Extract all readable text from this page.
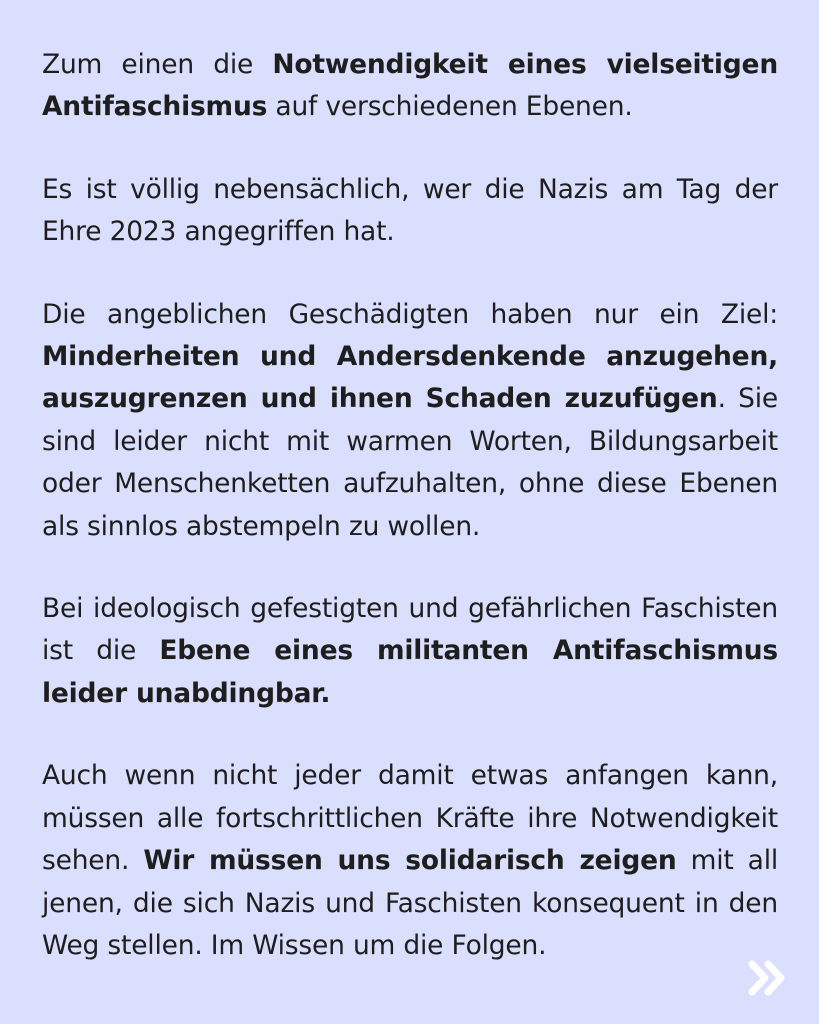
Zum einen die Notwendigkeit eines vielseitigen Antifaschismus auf verschiedenen Ebenen.

Es ist völlig nebensächlich, wer die Nazis am Tag der Ehre 2023 angegriffen hat.

Die angeblichen Geschädigten haben nur ein Ziel: Minderheiten und Andersdenkende anzugehen, auszugrenzen und ihnen Schaden zuzufügen. Sie sind leider nicht mit warmen Worten, Bildungsarbeit oder Menschenketten aufzuhalten, ohne diese Ebenen als sinnlos abstempeln zu wollen.

Bei ideologisch gefestigten und gefährlichen Faschisten ist die Ebene eines militanten Antifaschismus leider unabdingbar.

Auch wenn nicht jeder damit etwas anfangen kann, müssen alle fortschrittlichen Kräfte ihre Notwendigkeit sehen. Wir müssen uns solidarisch zeigen mit all jenen, die sich Nazis und Faschisten konsequent in den Weg stellen. Im Wissen um die Folgen.
